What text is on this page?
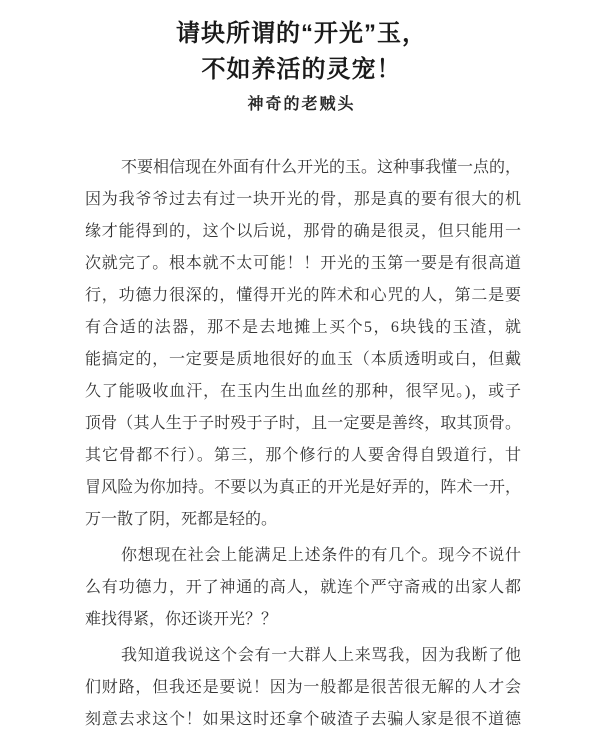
请块所谓的“开光”玉，
不如养活的灵宠！
神奇的老贼头
不要相信现在外面有什么开光的玉。这种事我懂一点的，
因为我爷爷过去有过一块开光的骨，那是真的要有很大的机
缘才能得到的，这个以后说，那骨的确是很灵，但只能用一
次就完了。根本就不太可能！！开光的玉第一要是有很高道
行，功德力很深的，懂得开光的阵术和心咒的人，第二是要
有合适的法器，那不是去地摊上买个5，6块钱的玉渣，就
能搞定的，一定要是质地很好的血玉（本质透明或白，但戴
久了能吸收血汗，在玉内生出血丝的那种，很罕见。)，或子
顶骨（其人生于子时殁于子时，且一定要是善终，取其顶骨。
其它骨都不行）。第三，那个修行的人要舍得自毁道行，甘
冒风险为你加持。不要以为真正的开光是好弄的，阵术一开，
万一散了阴，死都是轻的。
你想现在社会上能满足上述条件的有几个。现今不说什
么有功德力，开了神通的高人，就连个严守斋戒的出家人都
难找得紧，你还谈开光？？
我知道我说这个会有一大群人上来骂我，因为我断了他
们财路，但我还是要说！因为一般都是很苦很无解的人才会
刻意去求这个！如果这时还拿个破渣子去骗人家是很不道德
